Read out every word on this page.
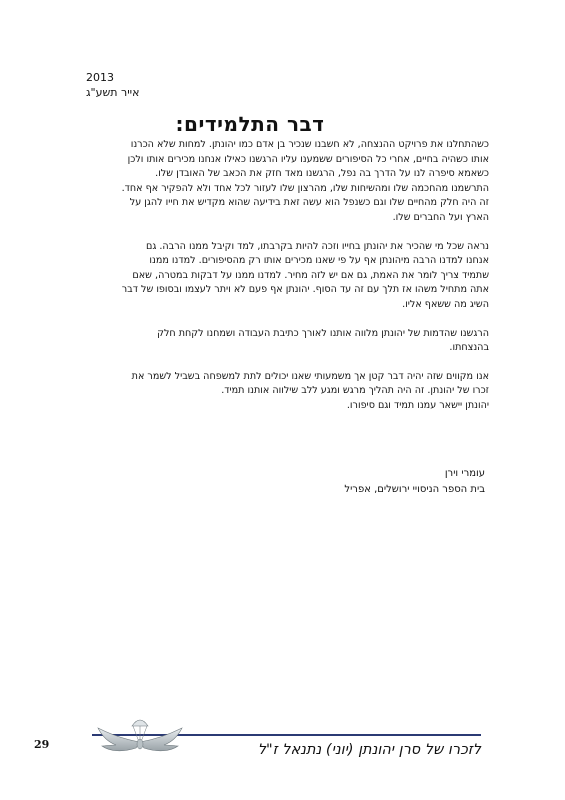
2013
אייר תשע"ג
דבר התלמידים:
כשהתחלנו את פרויקט ההנצחה, לא חשבנו שנכיר בן אדם כמו יהונתן. למחות שלא הכרנו
אותו כשהיה בחיים, אחרי כל הסיפורים ששמענו עליו הרגשנו כאילו אנחנו מכירים אותו ולכן
כשאמא סיפרה לנו על הדרך בה נפל, הרגשנו מאד חזק את הכאב של האובדן שלו.
התרשמנו מהחכמה שלו ומהשיחות שלו, מהרצון שלו לעזור לכל אחד ולא להפקיר אף אחד.
זה היה חלק מהחיים שלו וגם כשנפל הוא עשה זאת בידיעה שהוא מקדיש את חייו להגן על
הארץ ועל החברים שלו.
נראה שכל מי שהכיר את יהונתן בחייו וזכה להיות בקרבתו, למד וקיבל ממנו הרבה. גם
אנחנו למדנו הרבה מיהונתן אף על פי שאנו מכירים אותו רק מהסיפורים. למדנו ממנו
שתמיד צריך לומר את האמת, גם אם יש לזה מחיר. למדנו ממנו על דבקות במטרה, שאם
אתה מתחיל משהו אז תלך עם זה עד הסוף. יהונתן אף פעם לא ויתר לעצמו ובסופו של דבר
השיג מה ששאף אליו.
הרגשנו שהדמות של יהונתן מלווה אותנו לאורך כתיבת העבודה ושמחנו לקחת חלק
בהנצחתו.
אנו מקווים שזה יהיה דבר קטן אך משמעותי שאנו יכולים לתת למשפחה בשביל לשמר את
זכרו של יהונתן. זה היה תהליך מרגש ומגע ללב שילווה אותנו תמיד.
יהונתן יישאר עמנו תמיד וגם סיפורו.
עומרי וירן
בית הספר הניסויי ירושלים, אפריל
29	לזכרו של סרן יהונתן (יוני) נתנאל ז"ל
